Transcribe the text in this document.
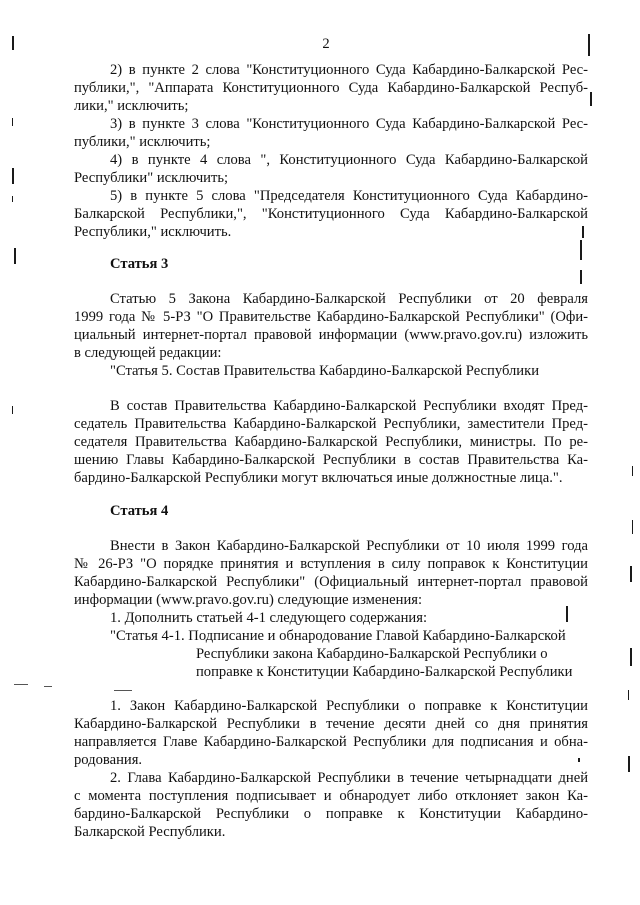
2
2) в пункте 2 слова "Конституционного Суда Кабардино-Балкарской Рес-
публики,", "Аппарата Конституционного Суда Кабардино-Балкарской Респуб-
лики," исключить;
3) в пункте 3 слова "Конституционного Суда Кабардино-Балкарской Рес-
публики," исключить;
4) в пункте 4 слова ", Конституционного Суда Кабардино-Балкарской
Республики" исключить;
5) в пункте 5 слова "Председателя Конституционного Суда Кабардино-
Балкарской Республики,", "Конституционного Суда Кабардино-Балкарской
Республики," исключить.
Статья 3
Статью 5 Закона Кабардино-Балкарской Республики от 20 февраля
1999 года № 5-РЗ "О Правительстве Кабардино-Балкарской Республики" (Офи-
циальный интернет-портал правовой информации (www.pravo.gov.ru) изложить
в следующей редакции:
"Статья 5. Состав Правительства Кабардино-Балкарской Республики
В состав Правительства Кабардино-Балкарской Республики входят Пред-
седатель Правительства Кабардино-Балкарской Республики, заместители Пред-
седателя Правительства Кабардино-Балкарской Республики, министры. По ре-
шению Главы Кабардино-Балкарской Республики в состав Правительства Ка-
бардино-Балкарской Республики могут включаться иные должностные лица.".
Статья 4
Внести в Закон Кабардино-Балкарской Республики от 10 июля 1999 года
№ 26-РЗ "О порядке принятия и вступления в силу поправок к Конституции
Кабардино-Балкарской Республики" (Официальный интернет-портал правовой
информации (www.pravo.gov.ru) следующие изменения:
1. Дополнить статьей 4-1 следующего содержания:
"Статья 4-1. Подписание и обнародование Главой Кабардино-Балкарской
Республики закона Кабардино-Балкарской Республики о
поправке к Конституции Кабардино-Балкарской Республики
1. Закон Кабардино-Балкарской Республики о поправке к Конституции
Кабардино-Балкарской Республики в течение десяти дней со дня принятия
направляется Главе Кабардино-Балкарской Республики для подписания и обна-
родования.
2. Глава Кабардино-Балкарской Республики в течение четырнадцати дней
с момента поступления подписывает и обнародует либо отклоняет закон Ка-
бардино-Балкарской Республики о поправке к Конституции Кабардино-
Балкарской Республики.
